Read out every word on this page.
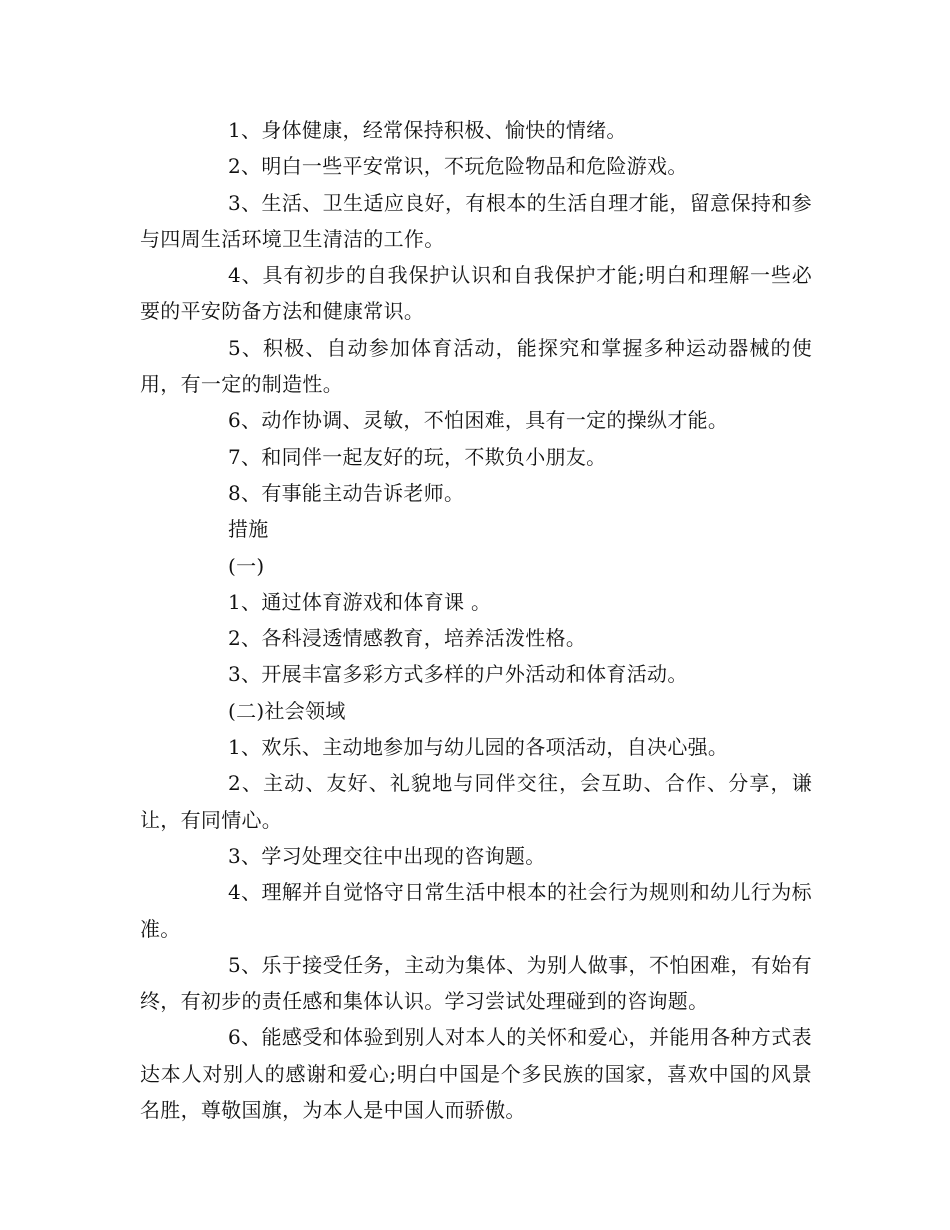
1、身体健康，经常保持积极、愉快的情绪。

2、明白一些平安常识，不玩危险物品和危险游戏。

3、生活、卫生适应良好，有根本的生活自理才能，留意保持和参与四周生活环境卫生清洁的工作。

4、具有初步的自我保护认识和自我保护才能;明白和理解一些必要的平安防备方法和健康常识。

5、积极、自动参加体育活动，能探究和掌握多种运动器械的使用，有一定的制造性。

6、动作协调、灵敏，不怕困难，具有一定的操纵才能。

7、和同伴一起友好的玩，不欺负小朋友。

8、有事能主动告诉老师。

措施

(一)

1、通过体育游戏和体育课 。

2、各科浸透情感教育，培养活泼性格。

3、开展丰富多彩方式多样的户外活动和体育活动。

(二)社会领域

1、欢乐、主动地参加与幼儿园的各项活动，自决心强。

2、主动、友好、礼貌地与同伴交往，会互助、合作、分享，谦让，有同情心。

3、学习处理交往中出现的咨询题。

4、理解并自觉恪守日常生活中根本的社会行为规则和幼儿行为标准。

5、乐于接受任务，主动为集体、为别人做事，不怕困难，有始有终，有初步的责任感和集体认识。学习尝试处理碰到的咨询题。

6、能感受和体验到别人对本人的关怀和爱心，并能用各种方式表达本人对别人的感谢和爱心;明白中国是个多民族的国家，喜欢中国的风景名胜，尊敬国旗，为本人是中国人而骄傲。
